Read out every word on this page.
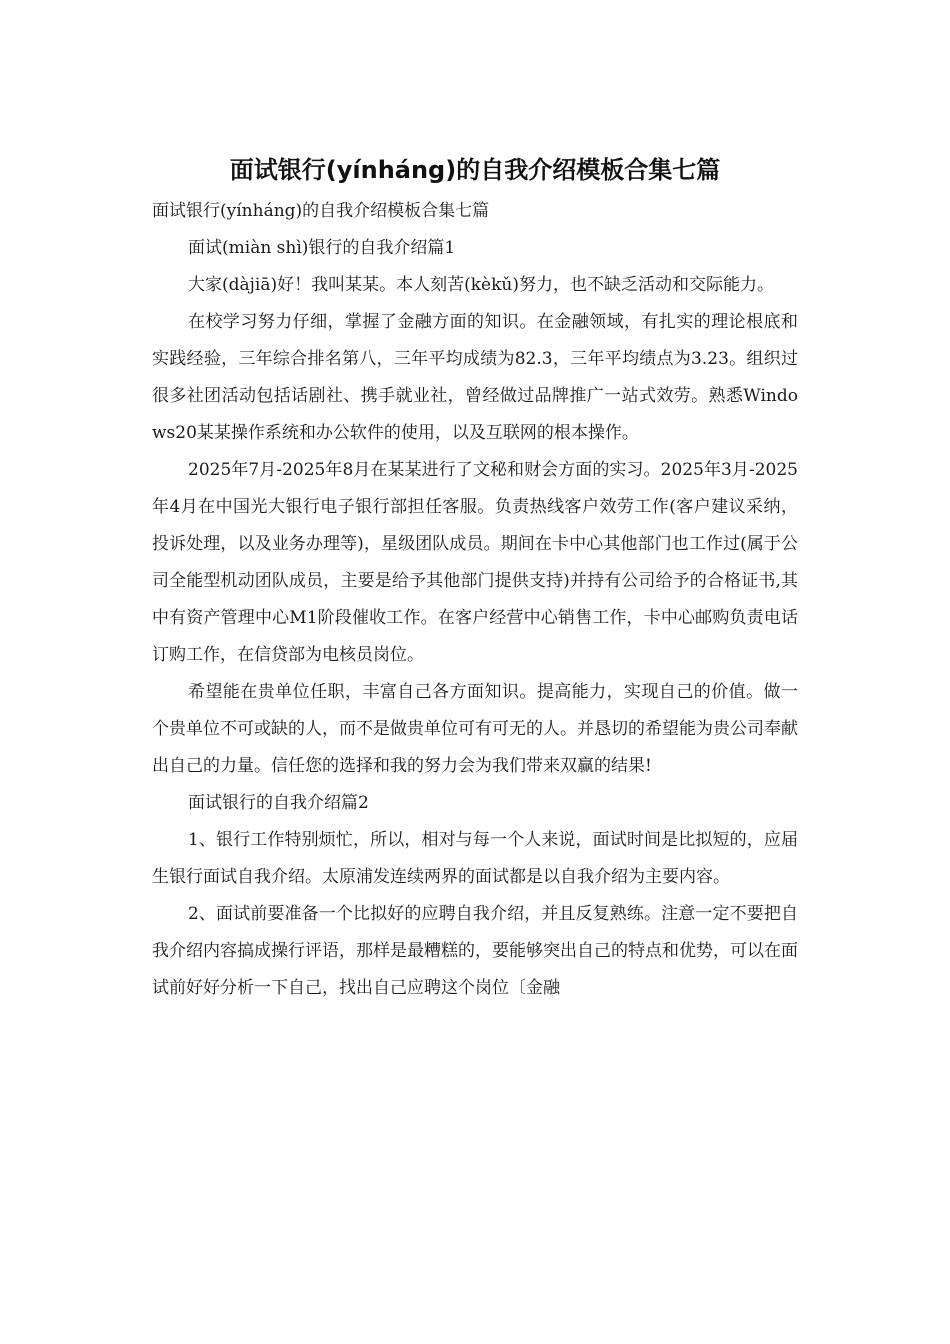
面试银行(yínháng)的自我介绍模板合集七篇

面试银行(yínháng)的自我介绍模板合集七篇

面试(miàn shì)银行的自我介绍篇1

大家(dàjiā)好！我叫某某。本人刻苦(kèkǔ)努力，也不缺乏活动和交际能力。

在校学习努力仔细，掌握了金融方面的知识。在金融领域，有扎实的理论根底和实践经验，三年综合排名第八，三年平均成绩为82.3，三年平均绩点为3.23。组织过很多社团活动包括话剧社、携手就业社，曾经做过品牌推广一站式效劳。熟悉Windows20某某操作系统和办公软件的使用，以及互联网的根本操作。

2025年7月-2025年8月在某某进行了文秘和财会方面的实习。2025年3月-2025年4月在中国光大银行电子银行部担任客服。负责热线客户效劳工作(客户建议采纳，投诉处理，以及业务办理等)，星级团队成员。期间在卡中心其他部门也工作过(属于公司全能型机动团队成员，主要是给予其他部门提供支持)并持有公司给予的合格证书,其中有资产管理中心M1阶段催收工作。在客户经营中心销售工作，卡中心邮购负责电话订购工作，在信贷部为电核员岗位。

希望能在贵单位任职，丰富自己各方面知识。提高能力，实现自己的价值。做一个贵单位不可或缺的人，而不是做贵单位可有可无的人。并恳切的希望能为贵公司奉献出自己的力量。信任您的选择和我的努力会为我们带来双赢的结果!

面试银行的自我介绍篇2

1、银行工作特别烦忙，所以，相对与每一个人来说，面试时间是比拟短的，应届生银行面试自我介绍。太原浦发连续两界的面试都是以自我介绍为主要内容。

2、面试前要准备一个比拟好的应聘自我介绍，并且反复熟练。注意一定不要把自我介绍内容搞成操行评语，那样是最糟糕的，要能够突出自己的特点和优势，可以在面试前好好分析一下自己，找出自己应聘这个岗位〔金融
